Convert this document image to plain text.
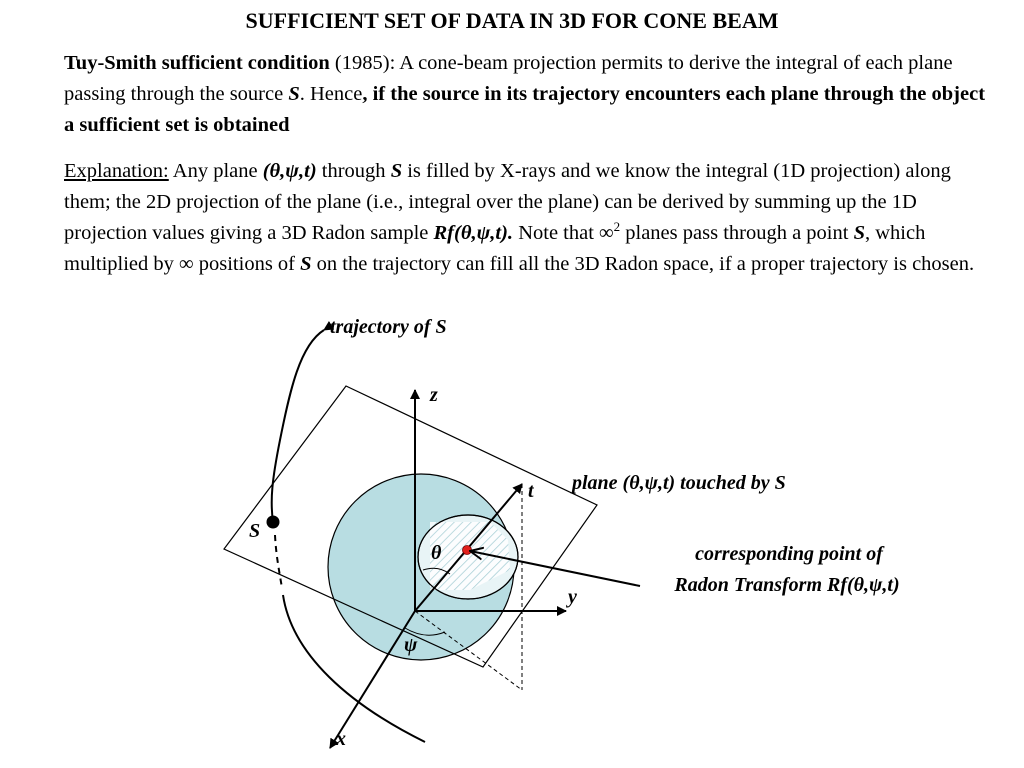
SUFFICIENT SET OF DATA IN 3D FOR CONE BEAM

Tuy-Smith sufficient condition (1985): A cone-beam projection permits to derive the integral of each plane passing through the source S. Hence, if the source in its trajectory encounters each plane through the object a sufficient set is obtained

Explanation: Any plane (θ,ψ,t) through S is filled by X-rays and we know the integral (1D projection) along them; the 2D projection of the plane (i.e., integral over the plane) can be derived by summing up the 1D projection values giving a 3D Radon sample Rf(θ,ψ,t). Note that ∞$^2$ planes pass through a point S, which multiplied by ∞ positions of S on the trajectory can fill all the 3D Radon space, if a proper trajectory is chosen.

trajectory of S
S
z
y
x
t
θ
ψ
plane (θ,ψ,t) touched by S
corresponding point of
Radon Transform Rf(θ,ψ,t)
